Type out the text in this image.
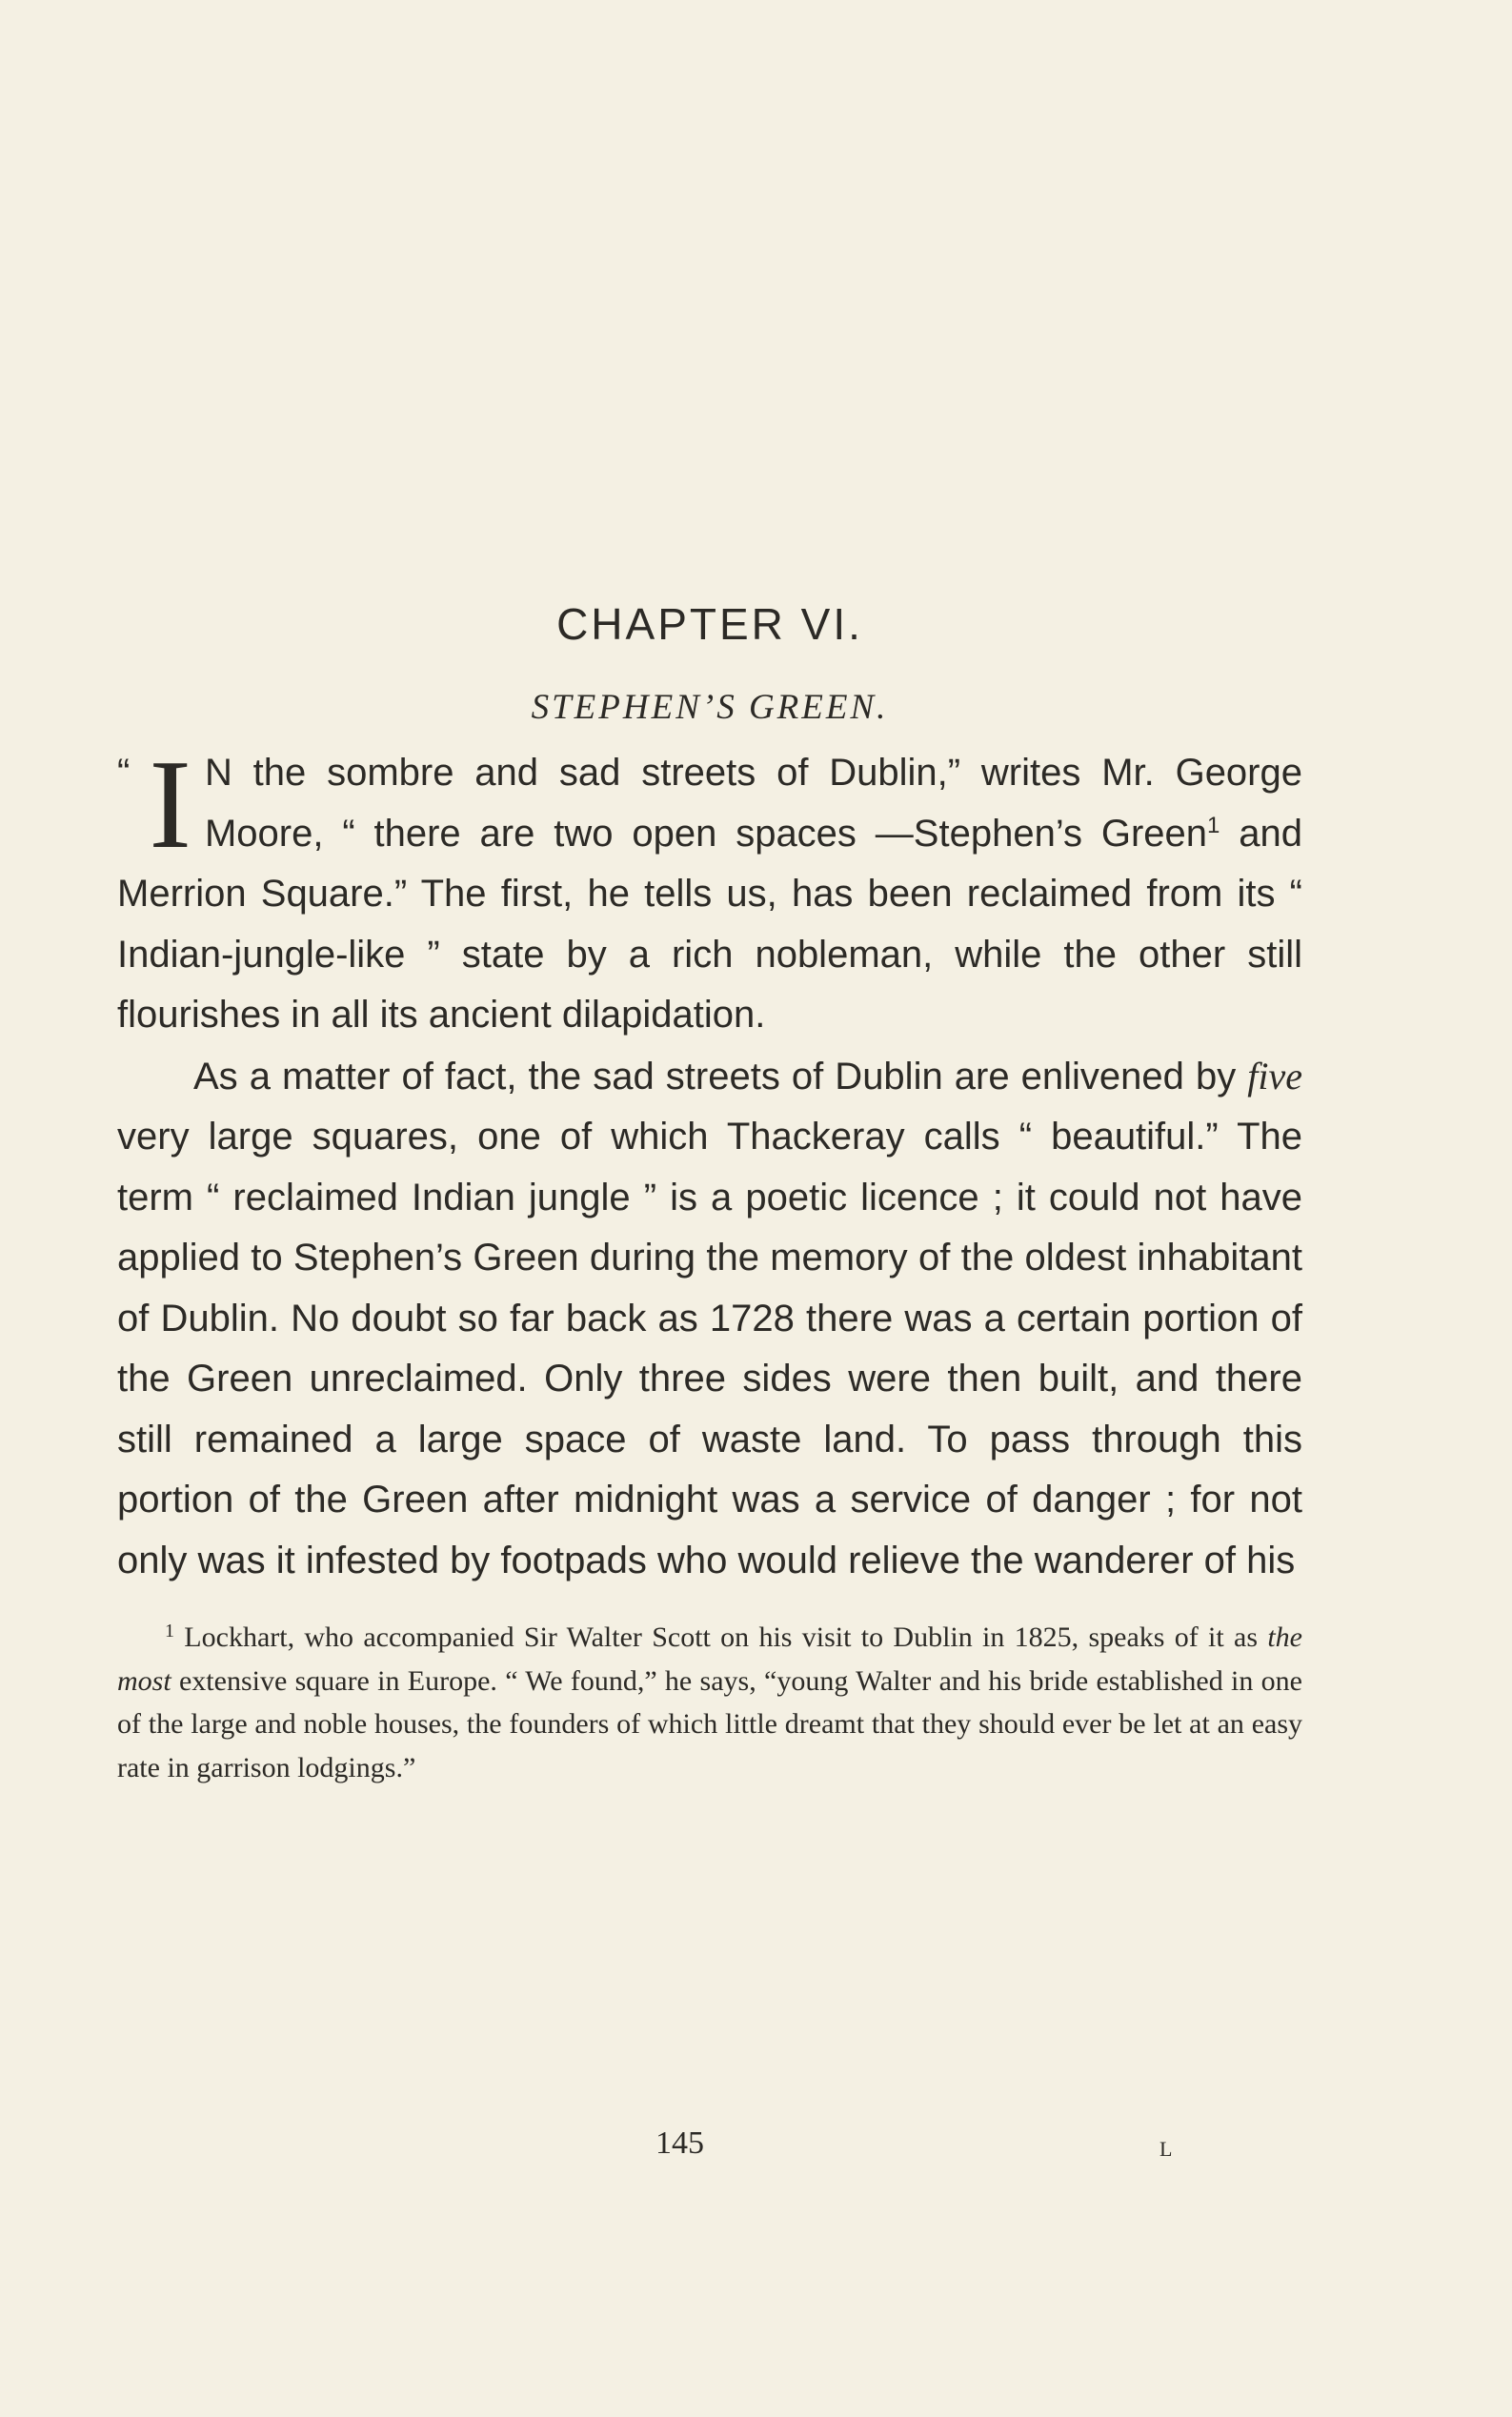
CHAPTER VI.
STEPHEN’S GREEN.

“ I N the sombre and sad streets of Dublin,” writes Mr. George Moore, “ there are two open spaces —Stephen’s Green$^1$ and Merrion Square.” The first, he tells us, has been reclaimed from its “ Indian-jungle-like ” state by a rich nobleman, while the other still flourishes in all its ancient dilapidation.

As a matter of fact, the sad streets of Dublin are enlivened by five very large squares, one of which Thackeray calls “ beautiful.” The term “ reclaimed Indian jungle ” is a poetic licence ; it could not have applied to Stephen’s Green during the memory of the oldest inhabitant of Dublin. No doubt so far back as 1728 there was a certain portion of the Green unreclaimed. Only three sides were then built, and there still remained a large space of waste land. To pass through this portion of the Green after midnight was a service of danger ; for not only was it infested by footpads who would relieve the wanderer of his

$^1$ Lockhart, who accompanied Sir Walter Scott on his visit to Dublin in 1825, speaks of it as the most extensive square in Europe. “ We found,” he says, “young Walter and his bride established in one of the large and noble houses, the founders of which little dreamt that they should ever be let at an easy rate in garrison lodgings.”

145	L
